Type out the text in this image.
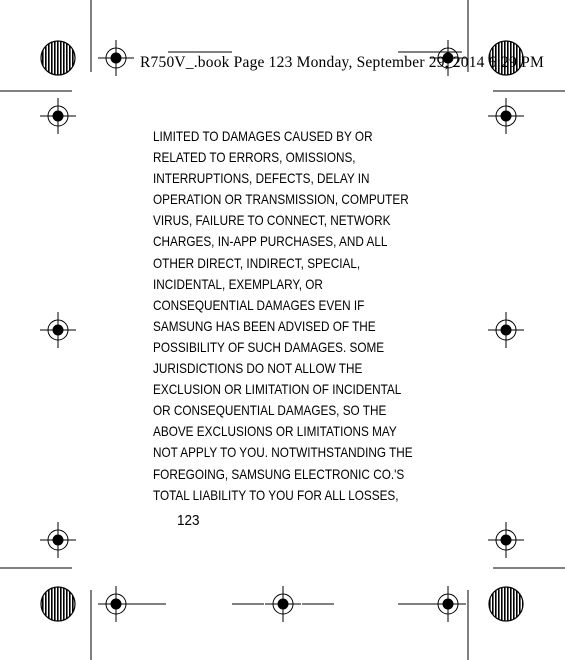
R750V_.book Page 123 Monday, September 29, 2014 6:29 PM
LIMITED TO DAMAGES CAUSED BY OR
RELATED TO ERRORS, OMISSIONS,
INTERRUPTIONS, DEFECTS, DELAY IN
OPERATION OR TRANSMISSION, COMPUTER
VIRUS, FAILURE TO CONNECT, NETWORK
CHARGES, IN-APP PURCHASES, AND ALL
OTHER DIRECT, INDIRECT, SPECIAL,
INCIDENTAL, EXEMPLARY, OR
CONSEQUENTIAL DAMAGES EVEN IF
SAMSUNG HAS BEEN ADVISED OF THE
POSSIBILITY OF SUCH DAMAGES. SOME
JURISDICTIONS DO NOT ALLOW THE
EXCLUSION OR LIMITATION OF INCIDENTAL
OR CONSEQUENTIAL DAMAGES, SO THE
ABOVE EXCLUSIONS OR LIMITATIONS MAY
NOT APPLY TO YOU. NOTWITHSTANDING THE
FOREGOING, SAMSUNG ELECTRONIC CO.'S
TOTAL LIABILITY TO YOU FOR ALL LOSSES,
123
